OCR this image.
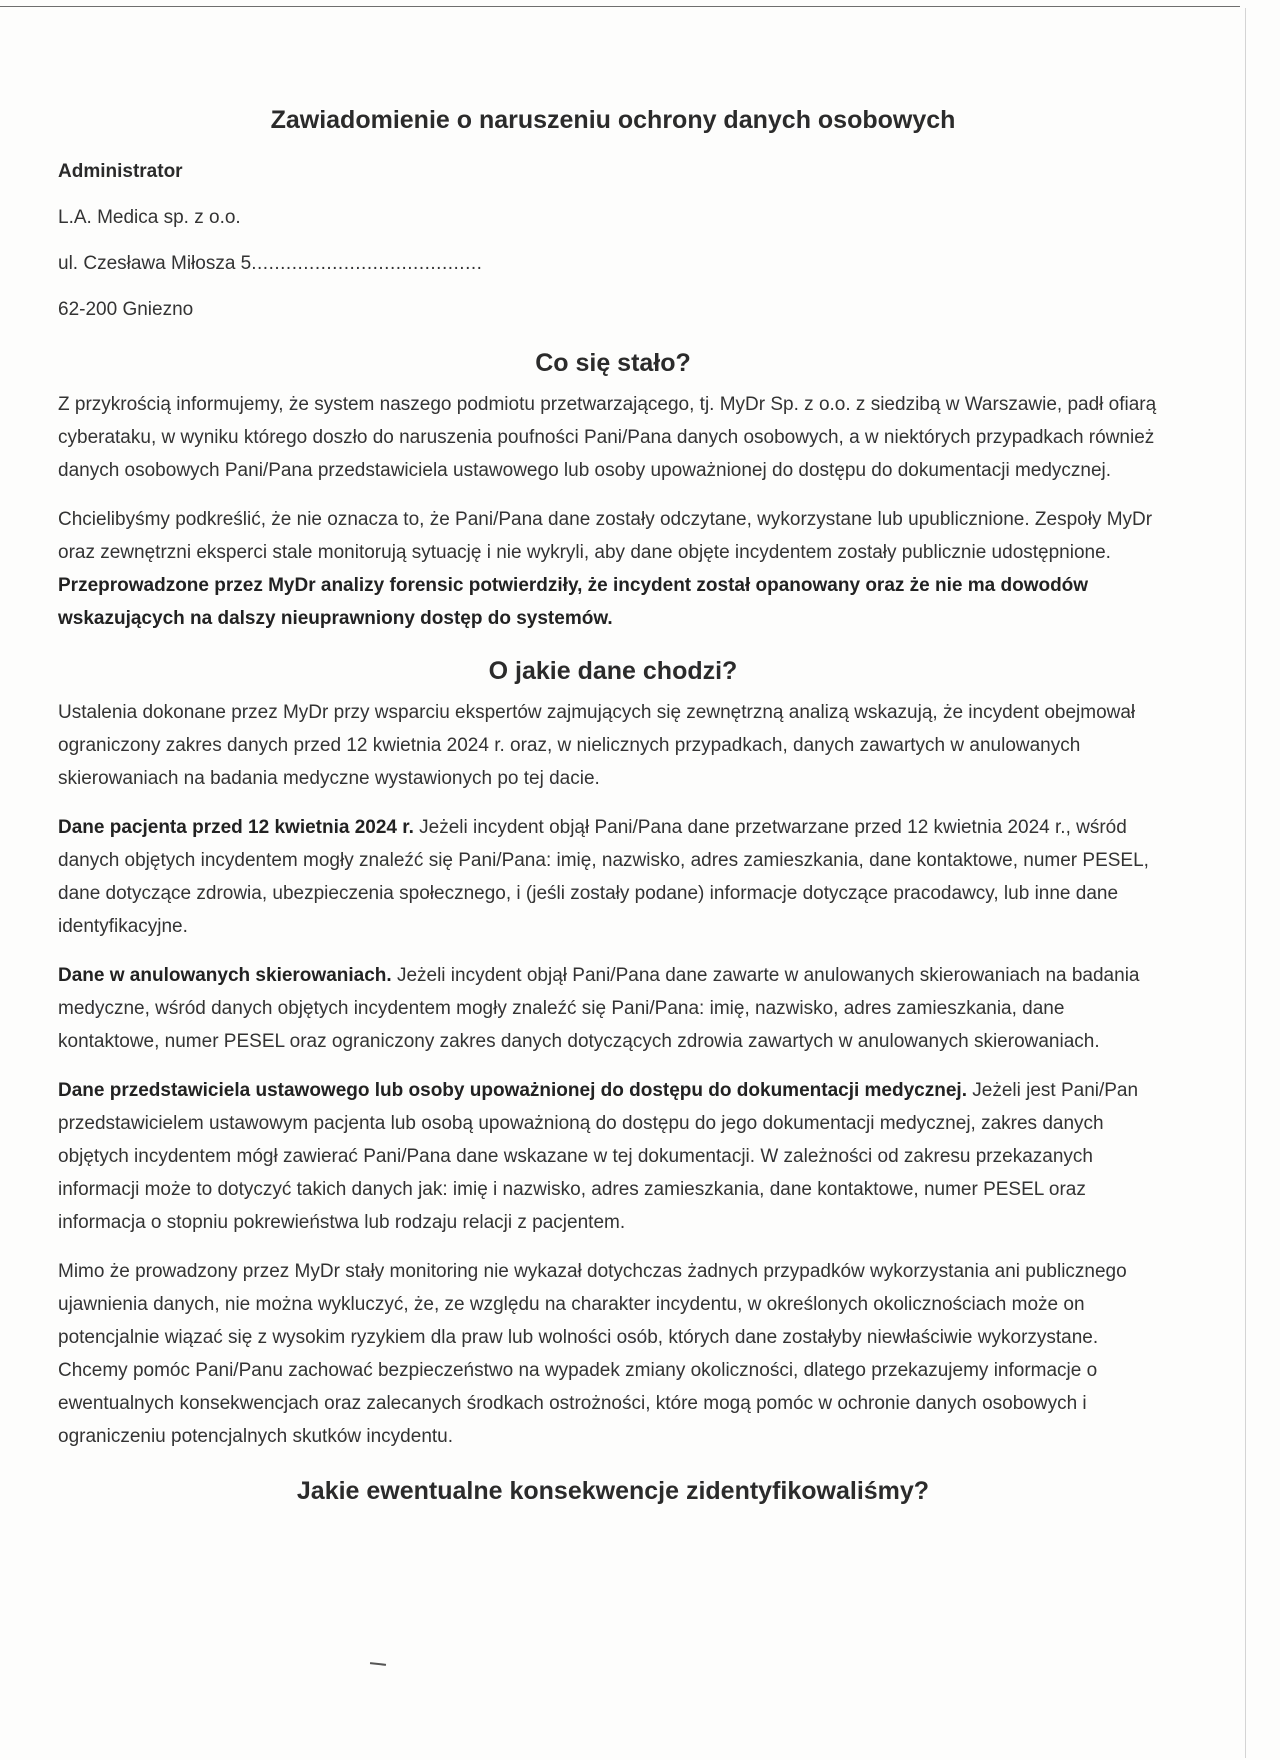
Zawiadomienie o naruszeniu ochrony danych osobowych
Administrator
L.A. Medica sp. z o.o.
ul. Czesława Miłosza 5........................................
62-200 Gniezno
Co się stało?

Z przykrością informujemy, że system naszego podmiotu przetwarzającego, tj. MyDr Sp. z o.o. z siedzibą w Warszawie, padł ofiarą cyberataku, w wyniku którego doszło do naruszenia poufności Pani/Pana danych osobowych, a w niektórych przypadkach również danych osobowych Pani/Pana przedstawiciela ustawowego lub osoby upoważnionej do dostępu do dokumentacji medycznej.

Chcielibyśmy podkreślić, że nie oznacza to, że Pani/Pana dane zostały odczytane, wykorzystane lub upublicznione. Zespoły MyDr oraz zewnętrzni eksperci stale monitorują sytuację i nie wykryli, aby dane objęte incydentem zostały publicznie udostępnione. Przeprowadzone przez MyDr analizy forensic potwierdziły, że incydent został opanowany oraz że nie ma dowodów wskazujących na dalszy nieuprawniony dostęp do systemów.

O jakie dane chodzi?

Ustalenia dokonane przez MyDr przy wsparciu ekspertów zajmujących się zewnętrzną analizą wskazują, że incydent obejmował ograniczony zakres danych przed 12 kwietnia 2024 r. oraz, w nielicznych przypadkach, danych zawartych w anulowanych skierowaniach na badania medyczne wystawionych po tej dacie.

Dane pacjenta przed 12 kwietnia 2024 r. Jeżeli incydent objął Pani/Pana dane przetwarzane przed 12 kwietnia 2024 r., wśród danych objętych incydentem mogły znaleźć się Pani/Pana: imię, nazwisko, adres zamieszkania, dane kontaktowe, numer PESEL, dane dotyczące zdrowia, ubezpieczenia społecznego, i (jeśli zostały podane) informacje dotyczące pracodawcy, lub inne dane identyfikacyjne.

Dane w anulowanych skierowaniach. Jeżeli incydent objął Pani/Pana dane zawarte w anulowanych skierowaniach na badania medyczne, wśród danych objętych incydentem mogły znaleźć się Pani/Pana: imię, nazwisko, adres zamieszkania, dane kontaktowe, numer PESEL oraz ograniczony zakres danych dotyczących zdrowia zawartych w anulowanych skierowaniach.

Dane przedstawiciela ustawowego lub osoby upoważnionej do dostępu do dokumentacji medycznej. Jeżeli jest Pani/Pan przedstawicielem ustawowym pacjenta lub osobą upoważnioną do dostępu do jego dokumentacji medycznej, zakres danych objętych incydentem mógł zawierać Pani/Pana dane wskazane w tej dokumentacji. W zależności od zakresu przekazanych informacji może to dotyczyć takich danych jak: imię i nazwisko, adres zamieszkania, dane kontaktowe, numer PESEL oraz informacja o stopniu pokrewieństwa lub rodzaju relacji z pacjentem.

Mimo że prowadzony przez MyDr stały monitoring nie wykazał dotychczas żadnych przypadków wykorzystania ani publicznego ujawnienia danych, nie można wykluczyć, że, ze względu na charakter incydentu, w określonych okolicznościach może on potencjalnie wiązać się z wysokim ryzykiem dla praw lub wolności osób, których dane zostałyby niewłaściwie wykorzystane. Chcemy pomóc Pani/Panu zachować bezpieczeństwo na wypadek zmiany okoliczności, dlatego przekazujemy informacje o ewentualnych konsekwencjach oraz zalecanych środkach ostrożności, które mogą pomóc w ochronie danych osobowych i ograniczeniu potencjalnych skutków incydentu.

Jakie ewentualne konsekwencje zidentyfikowaliśmy?
